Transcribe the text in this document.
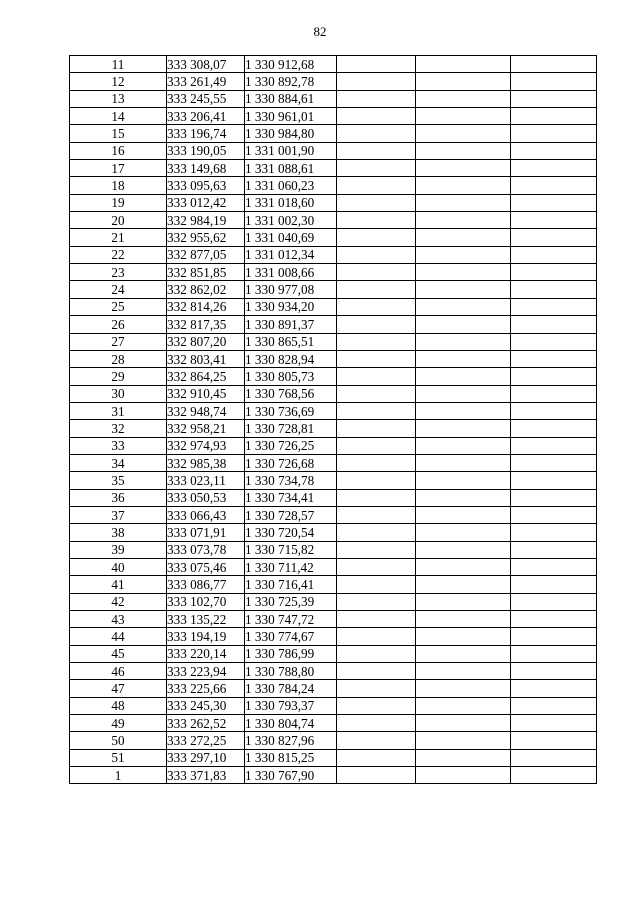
82
11	333 308,07	1 330 912,68			
12	333 261,49	1 330 892,78			
13	333 245,55	1 330 884,61			
14	333 206,41	1 330 961,01			
15	333 196,74	1 330 984,80			
16	333 190,05	1 331 001,90			
17	333 149,68	1 331 088,61			
18	333 095,63	1 331 060,23			
19	333 012,42	1 331 018,60			
20	332 984,19	1 331 002,30			
21	332 955,62	1 331 040,69			
22	332 877,05	1 331 012,34			
23	332 851,85	1 331 008,66			
24	332 862,02	1 330 977,08			
25	332 814,26	1 330 934,20			
26	332 817,35	1 330 891,37			
27	332 807,20	1 330 865,51			
28	332 803,41	1 330 828,94			
29	332 864,25	1 330 805,73			
30	332 910,45	1 330 768,56			
31	332 948,74	1 330 736,69			
32	332 958,21	1 330 728,81			
33	332 974,93	1 330 726,25			
34	332 985,38	1 330 726,68			
35	333 023,11	1 330 734,78			
36	333 050,53	1 330 734,41			
37	333 066,43	1 330 728,57			
38	333 071,91	1 330 720,54			
39	333 073,78	1 330 715,82			
40	333 075,46	1 330 711,42			
41	333 086,77	1 330 716,41			
42	333 102,70	1 330 725,39			
43	333 135,22	1 330 747,72			
44	333 194,19	1 330 774,67			
45	333 220,14	1 330 786,99			
46	333 223,94	1 330 788,80			
47	333 225,66	1 330 784,24			
48	333 245,30	1 330 793,37			
49	333 262,52	1 330 804,74			
50	333 272,25	1 330 827,96			
51	333 297,10	1 330 815,25			
1	333 371,83	1 330 767,90			
